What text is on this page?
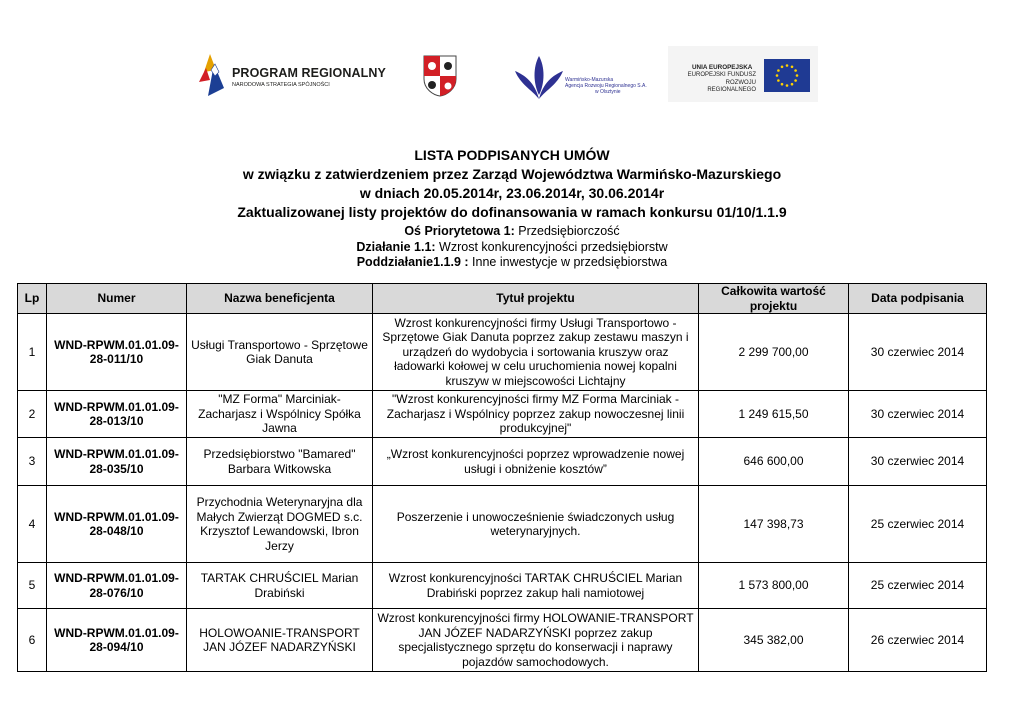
PROGRAM REGIONALNY
NARODOWA STRATEGIA SPÓJNOŚCI
Warmińsko-Mazurska
Agencja Rozwoju Regionalnego S.A.
w Olsztynie
UNIA EUROPEJSKA
EUROPEJSKI FUNDUSZ
ROZWOJU REGIONALNEGO
LISTA PODPISANYCH UMÓW
w związku z zatwierdzeniem przez Zarząd Województwa Warmińsko-Mazurskiego
w dniach 20.05.2014r, 23.06.2014r, 30.06.2014r
Zaktualizowanej listy projektów do dofinansowania w ramach konkursu 01/10/1.1.9
Oś Priorytetowa 1: Przedsiębiorczość
Działanie 1.1: Wzrost konkurencyjności przedsiębiorstw
Poddziałanie1.1.9 : Inne inwestycje w przedsiębiorstwa
Lp	Numer	Nazwa beneficjenta	Tytuł projektu	Całkowita wartość projektu	Data podpisania
1	WND-RPWM.01.01.09-28-011/10	Usługi Transportowo - Sprzętowe Giak Danuta	Wzrost konkurencyjności firmy Usługi Transportowo - Sprzętowe Giak Danuta poprzez zakup zestawu maszyn i urządzeń do wydobycia i sortowania kruszyw oraz ładowarki kołowej w celu uruchomienia nowej kopalni kruszyw w miejscowości Lichtajny	2 299 700,00	30 czerwiec 2014
2	WND-RPWM.01.01.09-28-013/10	"MZ Forma" Marciniak-Zacharjasz i Wspólnicy Spółka Jawna	"Wzrost konkurencyjności firmy MZ Forma Marciniak - Zacharjasz i Wspólnicy poprzez zakup nowoczesnej linii produkcyjnej"	1 249 615,50	30 czerwiec 2014
3	WND-RPWM.01.01.09-28-035/10	Przedsiębiorstwo "Bamared" Barbara Witkowska	„Wzrost konkurencyjności poprzez wprowadzenie nowej usługi i obniżenie kosztów”	646 600,00	30 czerwiec 2014
4	WND-RPWM.01.01.09-28-048/10	Przychodnia Weterynaryjna dla Małych Zwierząt DOGMED s.c. Krzysztof Lewandowski, Ibron Jerzy	Poszerzenie i unowocześnienie świadczonych usług weterynaryjnych.	147 398,73	25 czerwiec 2014
5	WND-RPWM.01.01.09-28-076/10	TARTAK CHRUŚCIEL Marian Drabiński	Wzrost konkurencyjności TARTAK CHRUŚCIEL Marian Drabiński poprzez zakup hali namiotowej	1 573 800,00	25 czerwiec 2014
6	WND-RPWM.01.01.09-28-094/10	HOLOWOANIE-TRANSPORT JAN JÓZEF NADARZYŃSKI	Wzrost konkurencyjności firmy HOLOWANIE-TRANSPORT JAN JÓZEF NADARZYŃSKI poprzez zakup specjalistycznego sprzętu do konserwacji i naprawy pojazdów samochodowych.	345 382,00	26 czerwiec 2014
